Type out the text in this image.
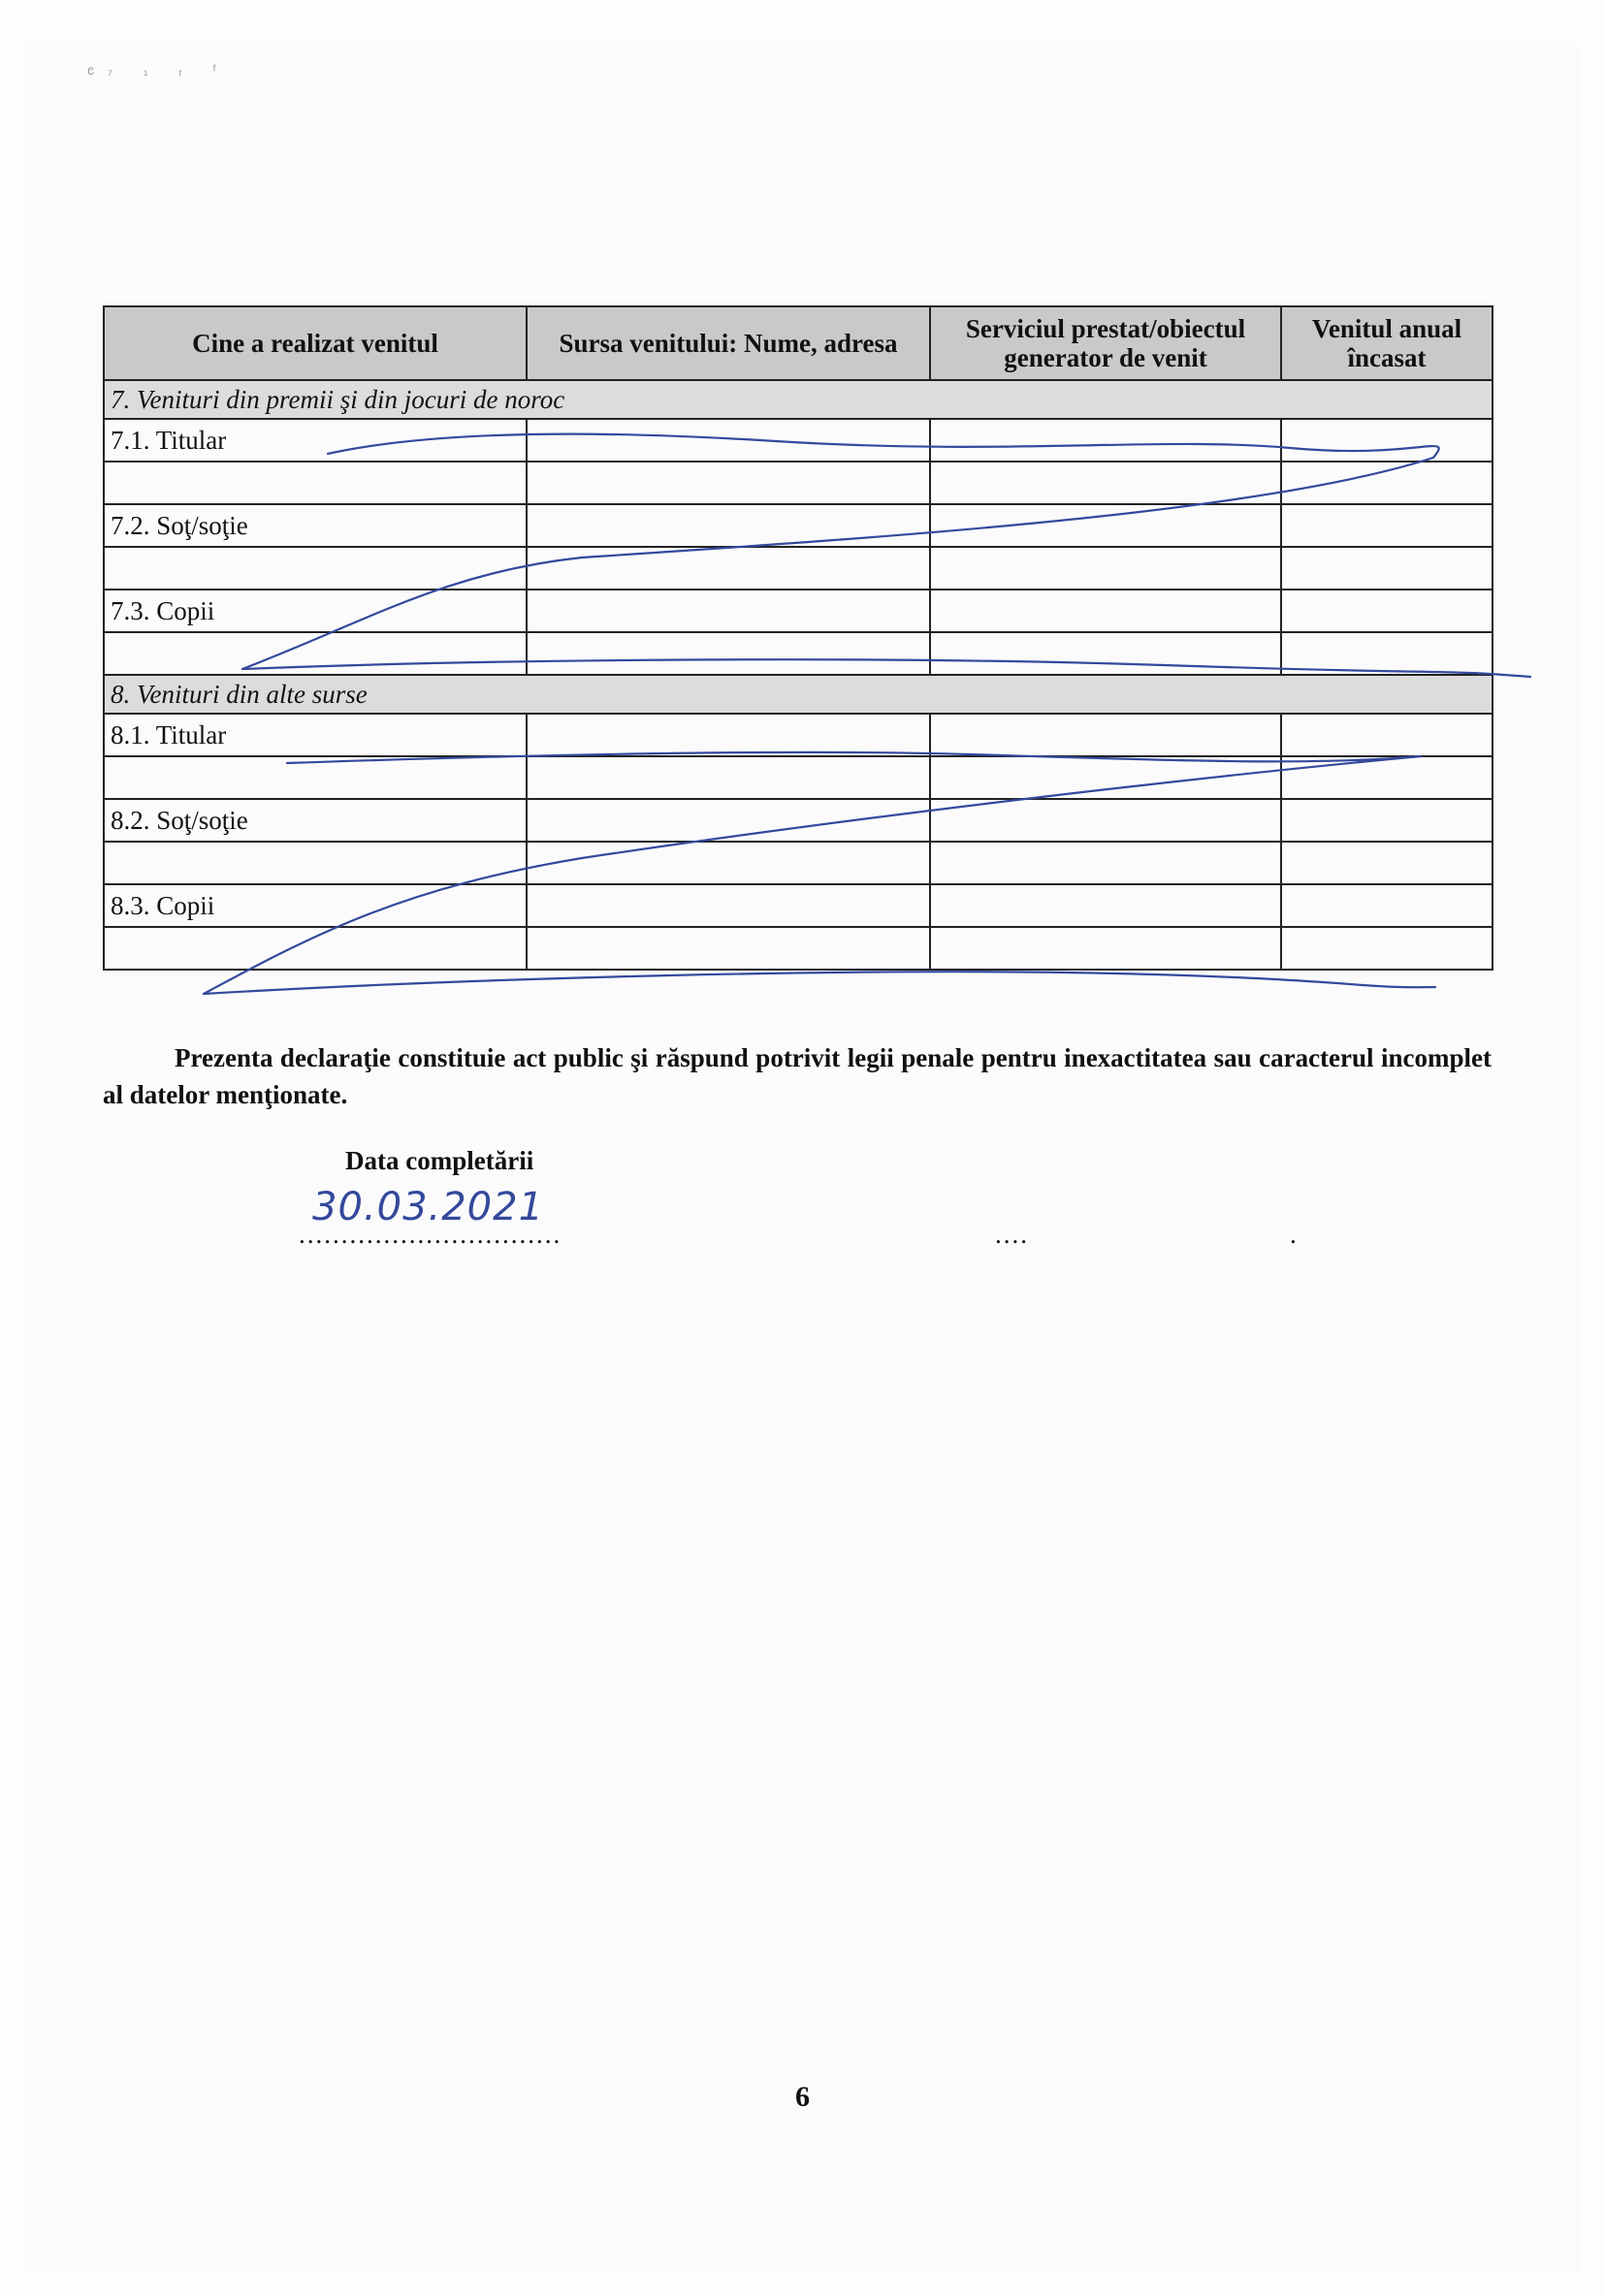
ͼ₇ ₁ ᵣ ᶠ
Cine a realizat venitul	Sursa venitului: Nume, adresa	Serviciul prestat/obiectul generator de venit	Venitul anual încasat
7. Venituri din premii şi din jocuri de noroc			
7.1. Titular			

7.2. Soţ/soţie			

7.3. Copii			

8. Venituri din alte surse			
8.1. Titular			

8.2. Soţ/soţie			

8.3. Copii			

Prezenta declaraţie constituie act public şi răspund potrivit legii penale pentru inexactitatea sau caracterul incomplet al datelor menţionate.
Data completării
30.03.2021
...............................	....	.
6
